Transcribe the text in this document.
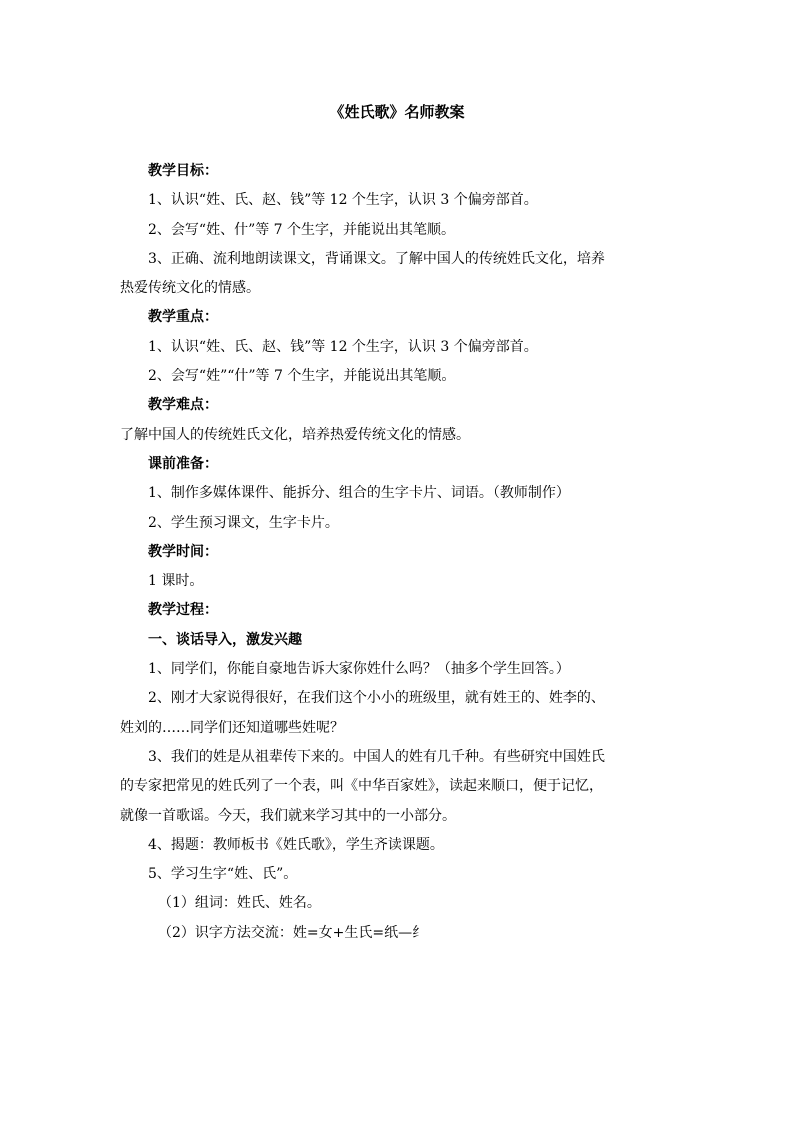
《姓氏歌》名师教案

教学目标：

1、认识“姓、氏、赵、钱”等 12 个生字，认识 3 个偏旁部首。

2、会写“姓、什”等 7 个生字，并能说出其笔顺。

3、正确、流利地朗读课文，背诵课文。了解中国人的传统姓氏文化，培养

热爱传统文化的情感。

教学重点：

1、认识“姓、氏、赵、钱”等 12 个生字，认识 3 个偏旁部首。

2、会写“姓”“什”等 7 个生字，并能说出其笔顺。

教学难点：

了解中国人的传统姓氏文化，培养热爱传统文化的情感。

课前准备：

1、制作多媒体课件、能拆分、组合的生字卡片、词语。（教师制作）

2、学生预习课文，生字卡片。

教学时间：

1 课时。

教学过程：

一、谈话导入，激发兴趣

1、同学们，你能自豪地告诉大家你姓什么吗？（抽多个学生回答。）

2、刚才大家说得很好，在我们这个小小的班级里，就有姓王的、姓李的、

姓刘的……同学们还知道哪些姓呢？

3、我们的姓是从祖辈传下来的。中国人的姓有几千种。有些研究中国姓氏

的专家把常见的姓氏列了一个表，叫《中华百家姓》，读起来顺口，便于记忆，

就像一首歌谣。今天，我们就来学习其中的一小部分。

4、揭题：教师板书《姓氏歌》，学生齐读课题。

5、学习生字“姓、氏”。

（1）组词：姓氏、姓名。

（2）识字方法交流：姓=女+生氏=纸—纟
